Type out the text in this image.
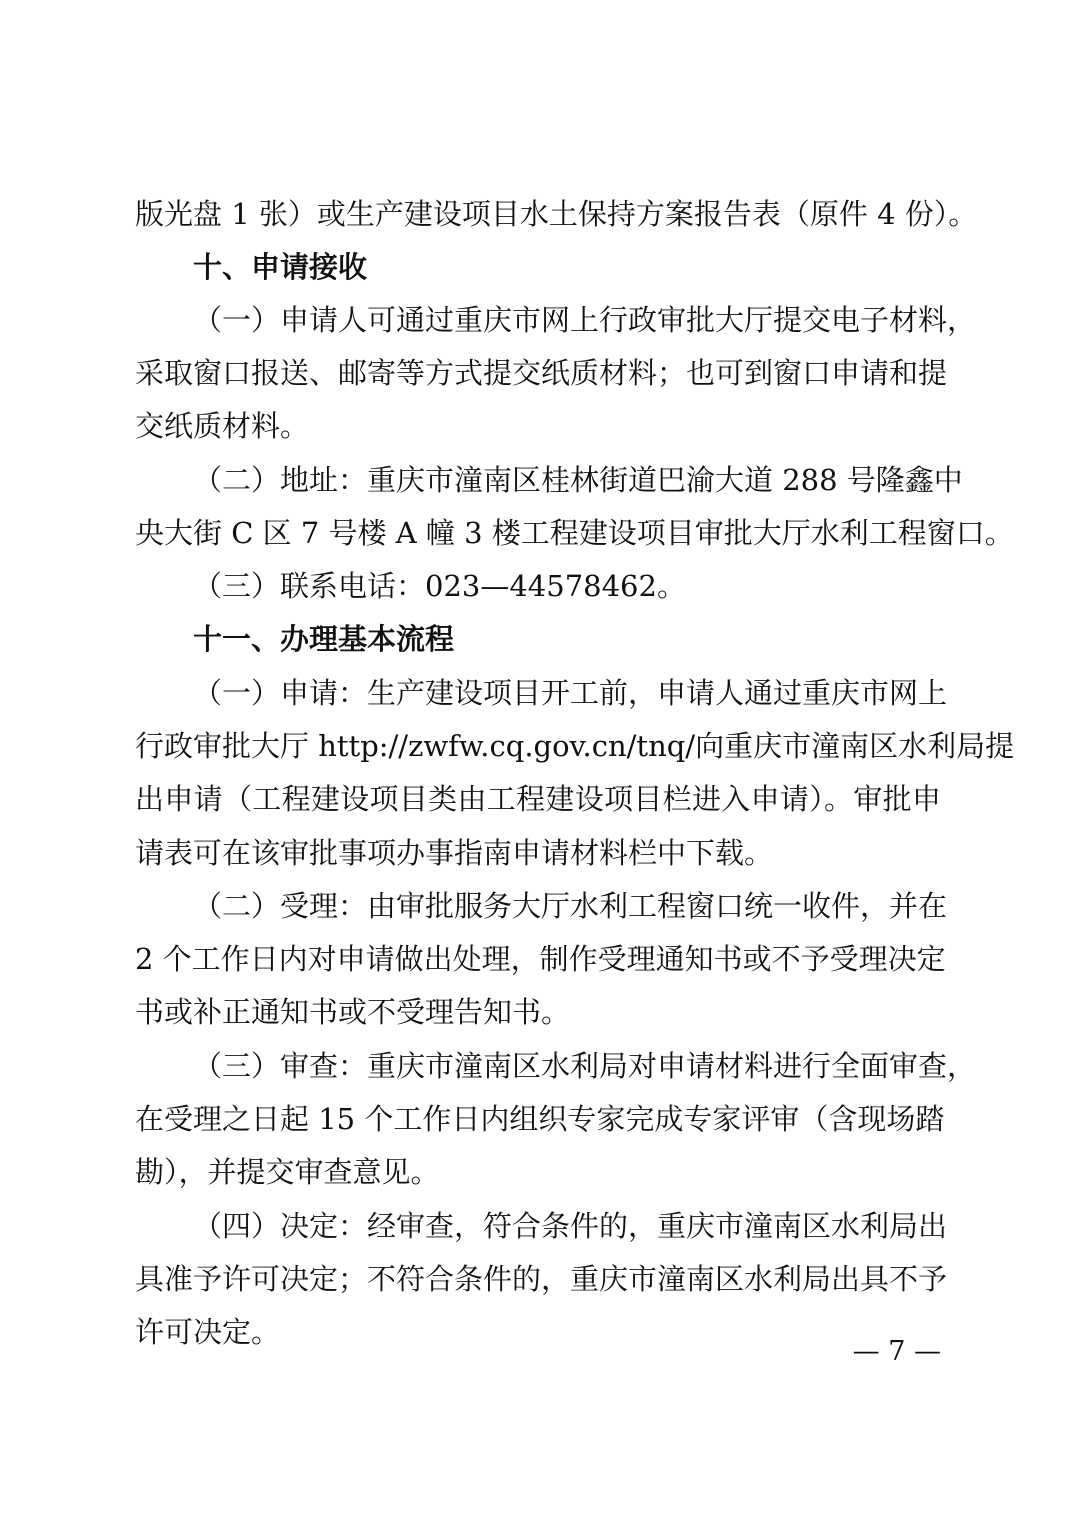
版光盘 1 张）或生产建设项目水土保持方案报告表（原件 4 份）。
十、申请接收
（一）申请人可通过重庆市网上行政审批大厅提交电子材料，
采取窗口报送、邮寄等方式提交纸质材料；也可到窗口申请和提
交纸质材料。
（二）地址：重庆市潼南区桂林街道巴渝大道 288 号隆鑫中
央大街 C 区 7 号楼 A 幢 3 楼工程建设项目审批大厅水利工程窗口。
（三）联系电话：023—44578462。
十一、办理基本流程
（一）申请：生产建设项目开工前，申请人通过重庆市网上
行政审批大厅 http://zwfw.cq.gov.cn/tnq/向重庆市潼南区水利局提
出申请（工程建设项目类由工程建设项目栏进入申请）。审批申
请表可在该审批事项办事指南申请材料栏中下载。
（二）受理：由审批服务大厅水利工程窗口统一收件，并在
2 个工作日内对申请做出处理，制作受理通知书或不予受理决定
书或补正通知书或不受理告知书。
（三）审查：重庆市潼南区水利局对申请材料进行全面审查，
在受理之日起 15 个工作日内组织专家完成专家评审（含现场踏
勘），并提交审查意见。
（四）决定：经审查，符合条件的，重庆市潼南区水利局出
具准予许可决定；不符合条件的，重庆市潼南区水利局出具不予
许可决定。
— 7 —
